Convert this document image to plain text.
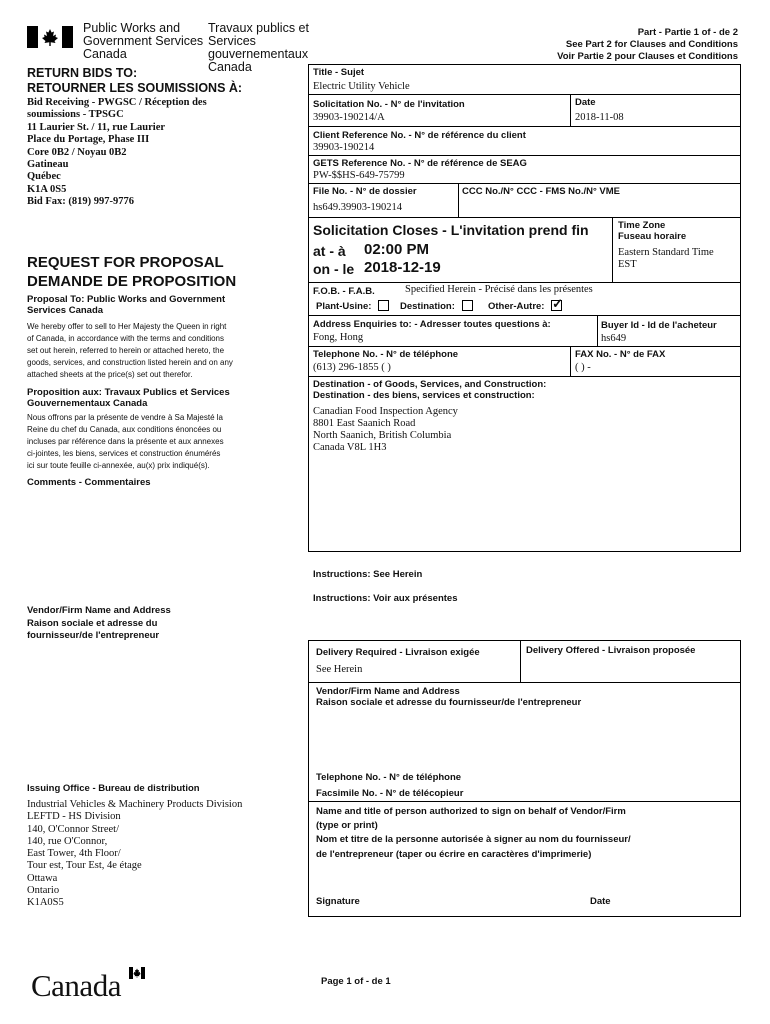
Public Works and
Government Services
Canada
Travaux publics et
Services gouvernementaux
Canada
Part - Partie 1 of - de 2
See Part 2 for Clauses and Conditions
Voir Partie 2 pour Clauses et Conditions
RETURN BIDS TO:
RETOURNER LES SOUMISSIONS À:
Bid Receiving - PWGSC / Réception des
soumissions - TPSGC
11 Laurier St. / 11, rue Laurier
Place du Portage, Phase III
Core 0B2 / Noyau 0B2
Gatineau
Québec
K1A 0S5
Bid Fax: (819) 997-9776
REQUEST FOR PROPOSAL
DEMANDE DE PROPOSITION
Proposal To: Public Works and Government
Services Canada
We hereby offer to sell to Her Majesty the Queen in right
of Canada, in accordance with the terms and conditions
set out herein, referred to herein or attached hereto, the
goods, services, and construction listed herein and on any
attached sheets at the price(s) set out therefor.
Proposition aux: Travaux Publics et Services
Gouvernementaux Canada
Nous offrons par la présente de vendre à Sa Majesté la
Reine du chef du Canada, aux conditions énoncées ou
incluses par référence dans la présente et aux annexes
ci-jointes, les biens, services et construction énumérés
ici sur toute feuille ci-annexée, au(x) prix indiqué(s).
Comments - Commentaires
Vendor/Firm Name and Address
Raison sociale et adresse du
fournisseur/de l'entrepreneur
Issuing Office - Bureau de distribution
Industrial Vehicles & Machinery Products Division
LEFTD - HS Division
140, O'Connor Street/
140, rue O'Connor,
East Tower, 4th Floor/
Tour est, Tour Est, 4e étage
Ottawa
Ontario
K1A0S5
Title - Sujet
Electric Utility Vehicle
Solicitation No. - N° de l'invitation
39903-190214/A
Date
2018-11-08
Client Reference No. - N° de référence du client
39903-190214
GETS Reference No. - N° de référence de SEAG
PW-$$HS-649-75799
File No. - N° de dossier
hs649.39903-190214
CCC No./N° CCC - FMS No./N° VME
Solicitation Closes - L'invitation prend fin
at - à 02:00 PM
on - le 2018-12-19
Time Zone
Fuseau horaire
Eastern Standard Time
EST
F.O.B. - F.A.B.	Specified Herein - Précisé dans les présentes
Plant-Usine:	Destination:	Other-Autre: ✓
Address Enquiries to: - Adresser toutes questions à:
Fong, Hong
Buyer Id - Id de l'acheteur
hs649
Telephone No. - N° de téléphone
(613) 296-1855 ( )
FAX No. - N° de FAX
( ) -
Destination - of Goods, Services, and Construction:
Destination - des biens, services et construction:
Canadian Food Inspection Agency
8801 East Saanich Road
North Saanich, British Columbia
Canada V8L 1H3
Instructions: See Herein
Instructions: Voir aux présentes
Delivery Required - Livraison exigée
See Herein
Delivery Offered - Livraison proposée
Vendor/Firm Name and Address
Raison sociale et adresse du fournisseur/de l'entrepreneur
Telephone No. - N° de téléphone
Facsimile No. - N° de télécopieur
Name and title of person authorized to sign on behalf of Vendor/Firm
(type or print)
Nom et titre de la personne autorisée à signer au nom du fournisseur/
de l'entrepreneur (taper ou écrire en caractères d'imprimerie)
Signature	Date
Canada	Page 1 of - de 1
